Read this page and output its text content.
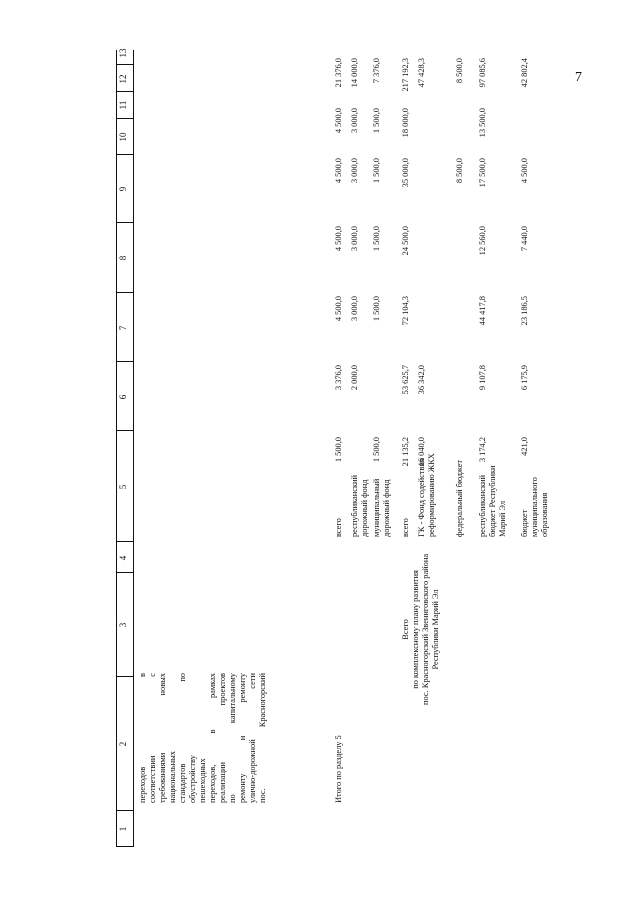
7
1
2
3
4
5
6
7
8
9
10
11
12
13
переходов в соответствии с требованиями новых национальных стандартов по обустройству пешеходных переходов, в рамках реализации проектов по капитальному ремонту и ремонту улично-дорожной сети пос. Красногорский	Итого по разделу 5
Всего по комплексному плану развития пос. Красногорский Звениговского района Республики Марий Эл
всего
1 500,0
3 376,0
4 500,0
4 500,0
4 500,0
4 500,0
21 376,0
республиканский дорожный фонд
2 000,0
3 000,0
3 000,0
3 000,0
3 000,0
14 000,0
муниципальный дорожный фонд
1 500,0
1 500,0
1 500,0
1 500,0
1 500,0
7 376,0
всего
21 135,2
53 625,7
72 104,3
24 500,0
35 000,0
18 000,0
217 192,3
ГК - Фонд содействия реформированию ЖКХ
16 040,0
36 342,0
47 428,3
федеральный бюджет
8 500,0
8 500,0
республиканский бюджет Республики Марий Эл
3 174,2
9 107,8
44 417,8
12 560,0
17 500,0
13 500,0
97 085,6
бюджет муниципального образования
421,0
6 175,9
23 186,5
7 440,0
4 500,0
42 802,4
